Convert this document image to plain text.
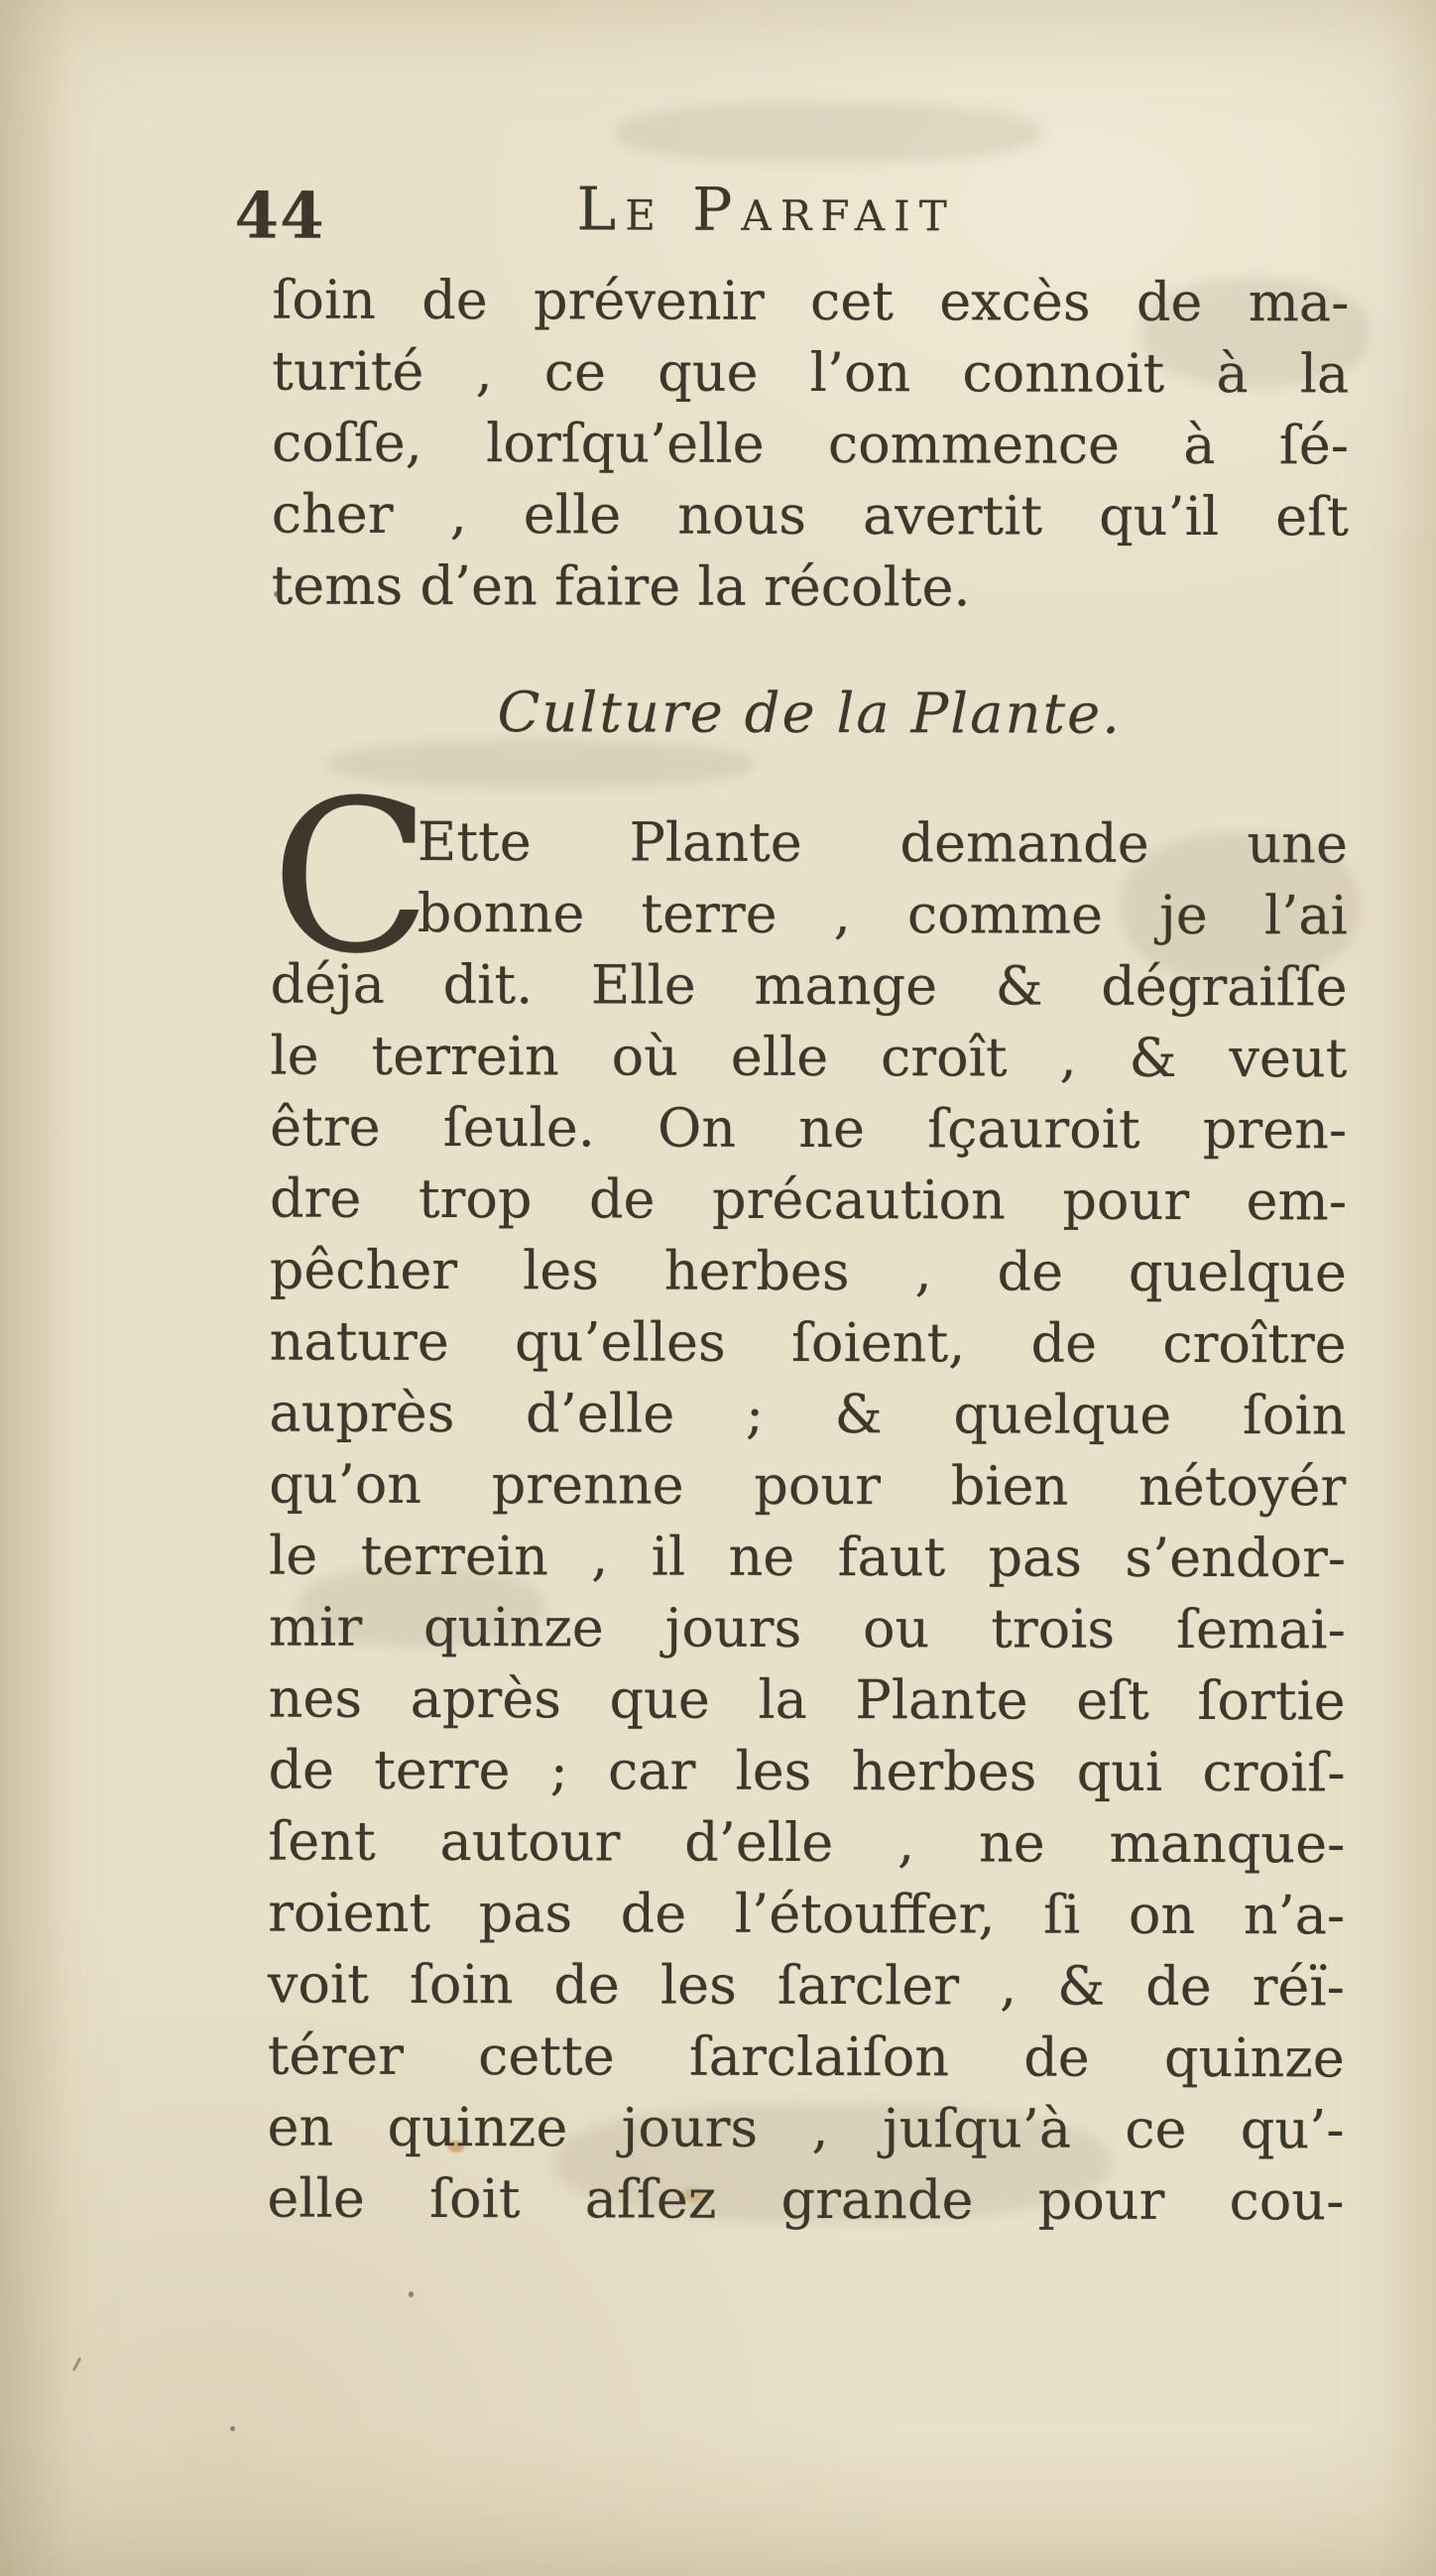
44	Le Parfait
ſoin de prévenir cet excès de ma-
turité , ce que l’on connoit à la
coſſe, lorſqu’elle commence à ſé-
cher , elle nous avertit qu’il eſt
tems d’en faire la récolte.
Culture de la Plante.
C
Ette Plante demande une
bonne terre , comme je l’ai
déja dit. Elle mange & dégraiſſe
le terrein où elle croît , & veut
être ſeule. On ne ſçauroit pren-
dre trop de précaution pour em-
pêcher les herbes , de quelque
nature qu’elles ſoient, de croître
auprès d’elle ; & quelque ſoin
qu’on prenne pour bien nétoyér
le terrein , il ne faut pas s’endor-
mir quinze jours ou trois ſemai-
nes après que la Plante eſt ſortie
de terre ; car les herbes qui croiſ-
ſent autour d’elle , ne manque-
roient pas de l’étouffer, ſi on n’a-
voit ſoin de les ſarcler , & de réï-
térer cette ſarclaiſon de quinze
en quinze jours , juſqu’à ce qu’-
elle ſoit aſſez grande pour cou-
